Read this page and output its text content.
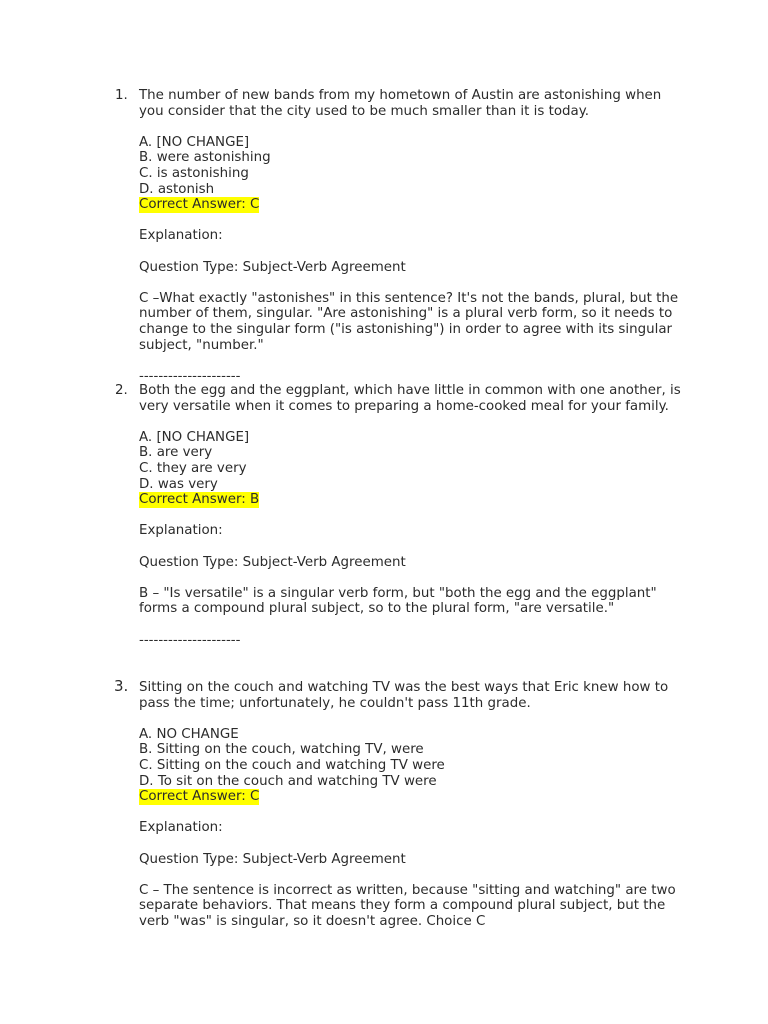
1. The number of new bands from my hometown of Austin are astonishing when you consider that the city used to be much smaller than it is today.

A. [NO CHANGE]
B. were astonishing
C. is astonishing
D. astonish
Correct Answer: C

Explanation:

Question Type: Subject-Verb Agreement

C –What exactly "astonishes" in this sentence? It's not the bands, plural, but the number of them, singular. "Are astonishing" is a plural verb form, so it needs to change to the singular form ("is astonishing") in order to agree with its singular subject, "number."

---------------------
2. Both the egg and the eggplant, which have little in common with one another, is very versatile when it comes to preparing a home-cooked meal for your family.

A. [NO CHANGE]
B. are very
C. they are very
D. was very
Correct Answer: B

Explanation:

Question Type: Subject-Verb Agreement

B – "Is versatile" is a singular verb form, but "both the egg and the eggplant" forms a compound plural subject, so to the plural form, "are versatile."

---------------------
3. Sitting on the couch and watching TV was the best ways that Eric knew how to pass the time; unfortunately, he couldn't pass 11th grade.

A. NO CHANGE
B. Sitting on the couch, watching TV, were
C. Sitting on the couch and watching TV were
D. To sit on the couch and watching TV were
Correct Answer: C

Explanation:

Question Type: Subject-Verb Agreement

C – The sentence is incorrect as written, because "sitting and watching" are two separate behaviors. That means they form a compound plural subject, but the verb "was" is singular, so it doesn't agree. Choice C
